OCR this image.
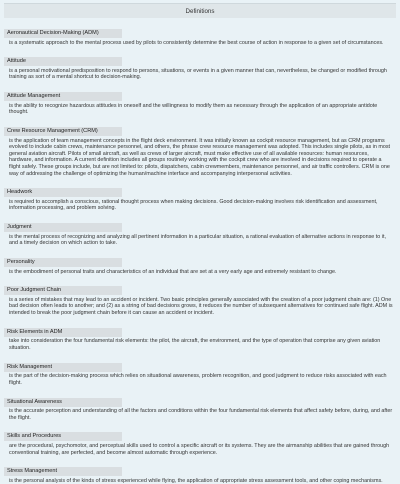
Definitions
Aeronautical Decision-Making (ADM)
is a systematic approach to the mental process used by pilots to consistently determine the best course of action in response to a given set of circumstances.
Attitude
is a personal motivational predisposition to respond to persons, situations, or events in a given manner that can, nevertheless, be changed or modified through training as sort of a mental shortcut to decision-making.
Attitude Management
is the ability to recognize hazardous attitudes in oneself and the willingness to modify them as necessary through the application of an appropriate antidote thought.
Crew Resource Management (CRM)
is the application of team management concepts in the flight deck environment. It was initially known as cockpit resource management, but as CRM programs evolved to include cabin crews, maintenance personnel, and others, the phrase crew resource management was adopted. This includes single pilots, as in most general aviation aircraft. Pilots of small aircraft, as well as crews of larger aircraft, must make effective use of all available resources: human resources, hardware, and information. A current definition includes all groups routinely working with the cockpit crew who are involved in decisions required to operate a flight safely. These groups include, but are not limited to: pilots, dispatchers, cabin crewmembers, maintenance personnel, and air traffic controllers. CRM is one way of addressing the challenge of optimizing the human/machine interface and accompanying interpersonal activities.
Headwork
is required to accomplish a conscious, rational thought process when making decisions. Good decision-making involves risk identification and assessment, information processing, and problem solving.
Judgment
is the mental process of recognizing and analyzing all pertinent information in a particular situation, a rational evaluation of alternative actions in response to it, and a timely decision on which action to take.
Personality
is the embodiment of personal traits and characteristics of an individual that are set at a very early age and extremely resistant to change.
Poor Judgment Chain
is a series of mistakes that may lead to an accident or incident. Two basic principles generally associated with the creation of a poor judgment chain are: (1) One bad decision often leads to another; and (2) as a string of bad decisions grows, it reduces the number of subsequent alternatives for continued safe flight. ADM is intended to break the poor judgment chain before it can cause an accident or incident.
Risk Elements in ADM
take into consideration the four fundamental risk elements: the pilot, the aircraft, the environment, and the type of operation that comprise any given aviation situation.
Risk Management
is the part of the decision-making process which relies on situational awareness, problem recognition, and good judgment to reduce risks associated with each flight.
Situational Awareness
is the accurate perception and understanding of all the factors and conditions within the four fundamental risk elements that affect safety before, during, and after the flight.
Skills and Procedures
are the procedural, psychomotor, and perceptual skills used to control a specific aircraft or its systems. They are the airmanship abilities that are gained through conventional training, are perfected, and become almost automatic through experience.
Stress Management
is the personal analysis of the kinds of stress experienced while flying, the application of appropriate stress assessment tools, and other coping mechanisms.
